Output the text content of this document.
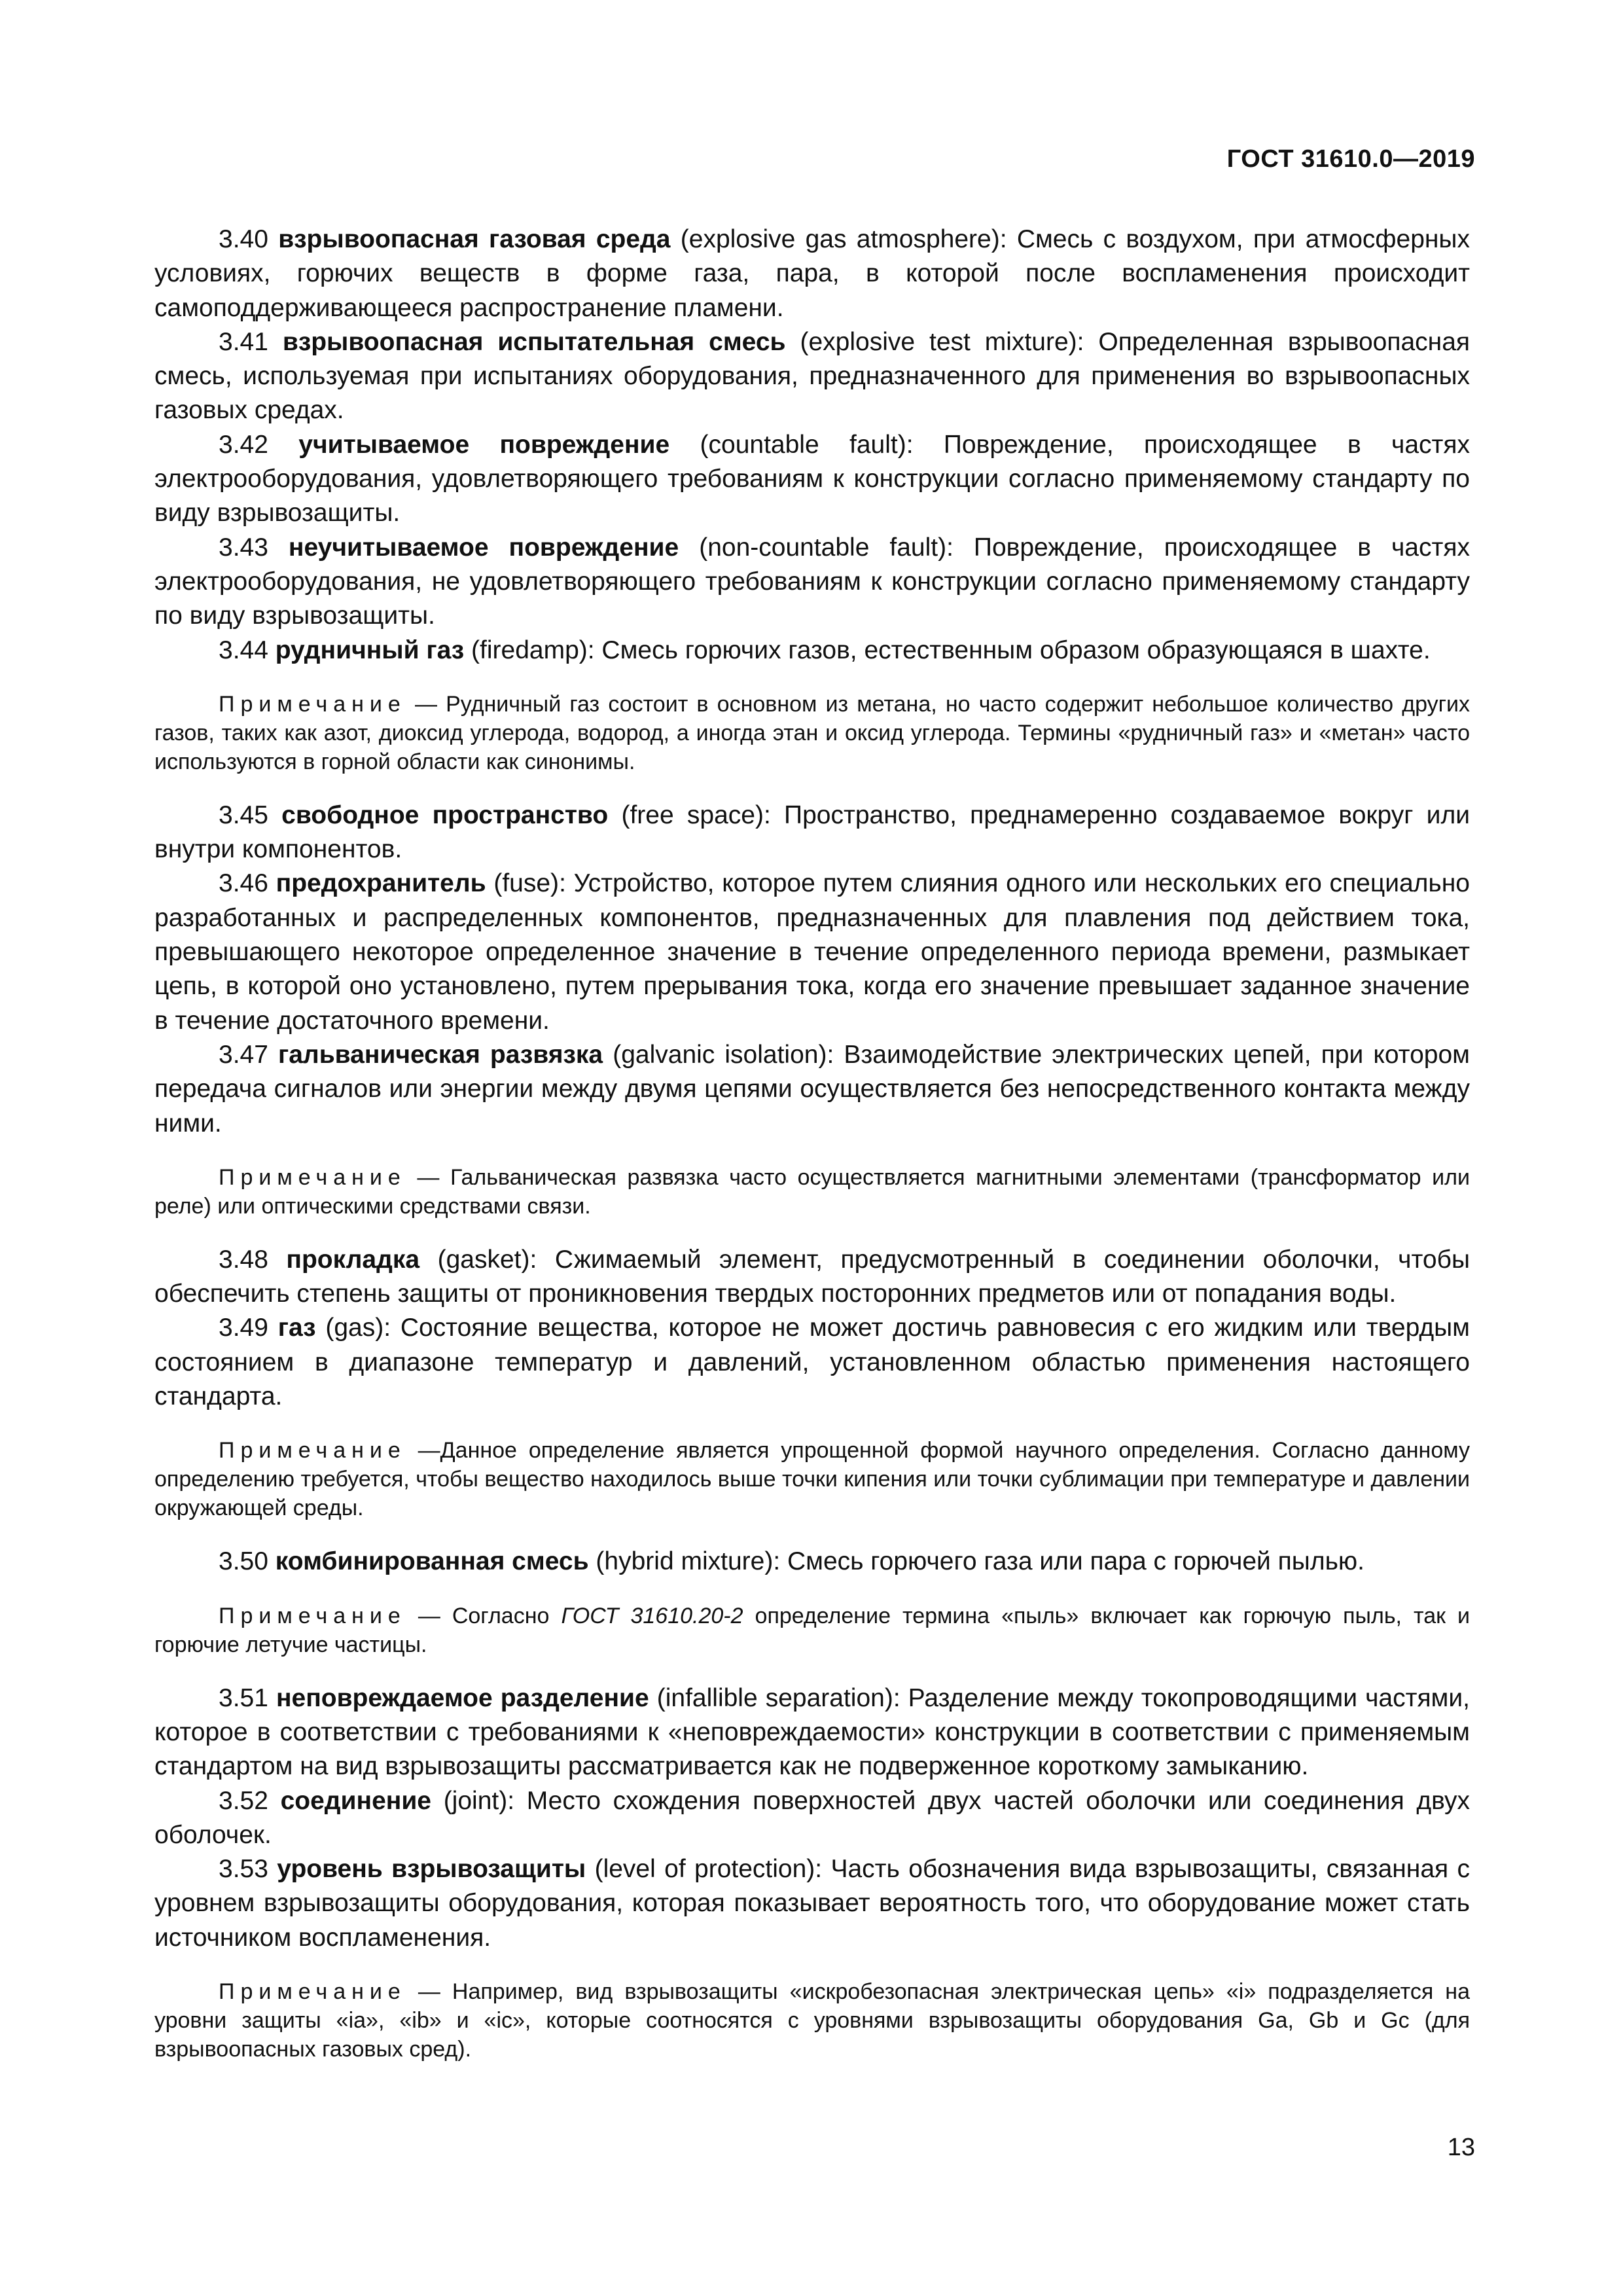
ГОСТ 31610.0—2019

3.40 взрывоопасная газовая среда (explosive gas atmosphere): Смесь с воздухом, при атмосферных условиях, горючих веществ в форме газа, пара, в которой после воспламенения происходит самоподдерживающееся распространение пламени.

3.41 взрывоопасная испытательная смесь (explosive test mixture): Определенная взрывоопасная смесь, используемая при испытаниях оборудования, предназначенного для применения во взрывоопасных газовых средах.

3.42 учитываемое повреждение (countable fault): Повреждение, происходящее в частях электрооборудования, удовлетворяющего требованиям к конструкции согласно применяемому стандарту по виду взрывозащиты.

3.43 неучитываемое повреждение (non-countable fault): Повреждение, происходящее в частях электрооборудования, не удовлетворяющего требованиям к конструкции согласно применяемому стандарту по виду взрывозащиты.

3.44 рудничный газ (firedamp): Смесь горючих газов, естественным образом образующаяся в шахте.

Примечание — Рудничный газ состоит в основном из метана, но часто содержит небольшое количество других газов, таких как азот, диоксид углерода, водород, а иногда этан и оксид углерода. Термины «рудничный газ» и «метан» часто используются в горной области как синонимы.

3.45 свободное пространство (free space): Пространство, преднамеренно создаваемое вокруг или внутри компонентов.

3.46 предохранитель (fuse): Устройство, которое путем слияния одного или нескольких его специально разработанных и распределенных компонентов, предназначенных для плавления под действием тока, превышающего некоторое определенное значение в течение определенного периода времени, размыкает цепь, в которой оно установлено, путем прерывания тока, когда его значение превышает заданное значение в течение достаточного времени.

3.47 гальваническая развязка (galvanic isolation): Взаимодействие электрических цепей, при котором передача сигналов или энергии между двумя цепями осуществляется без непосредственного контакта между ними.

Примечание — Гальваническая развязка часто осуществляется магнитными элементами (трансформатор или реле) или оптическими средствами связи.

3.48 прокладка (gasket): Сжимаемый элемент, предусмотренный в соединении оболочки, чтобы обеспечить степень защиты от проникновения твердых посторонних предметов или от попадания воды.

3.49 газ (gas): Состояние вещества, которое не может достичь равновесия с его жидким или твердым состоянием в диапазоне температур и давлений, установленном областью применения настоящего стандарта.

Примечание —Данное определение является упрощенной формой научного определения. Согласно данному определению требуется, чтобы вещество находилось выше точки кипения или точки сублимации при температуре и давлении окружающей среды.

3.50 комбинированная смесь (hybrid mixture): Смесь горючего газа или пара с горючей пылью.

Примечание — Согласно ГОСТ 31610.20-2 определение термина «пыль» включает как горючую пыль, так и горючие летучие частицы.

3.51 неповреждаемое разделение (infallible separation): Разделение между токопроводящими частями, которое в соответствии с требованиями к «неповреждаемости» конструкции в соответствии с применяемым стандартом на вид взрывозащиты рассматривается как не подверженное короткому замыканию.

3.52 соединение (joint): Место схождения поверхностей двух частей оболочки или соединения двух оболочек.

3.53 уровень взрывозащиты (level of protection): Часть обозначения вида взрывозащиты, связанная с уровнем взрывозащиты оборудования, которая показывает вероятность того, что оборудование может стать источником воспламенения.

Примечание — Например, вид взрывозащиты «искробезопасная электрическая цепь» «i» подразделяется на уровни защиты «ia», «ib» и «ic», которые соотносятся с уровнями взрывозащиты оборудования Ga, Gb и Gc (для взрывоопасных газовых сред).

13
